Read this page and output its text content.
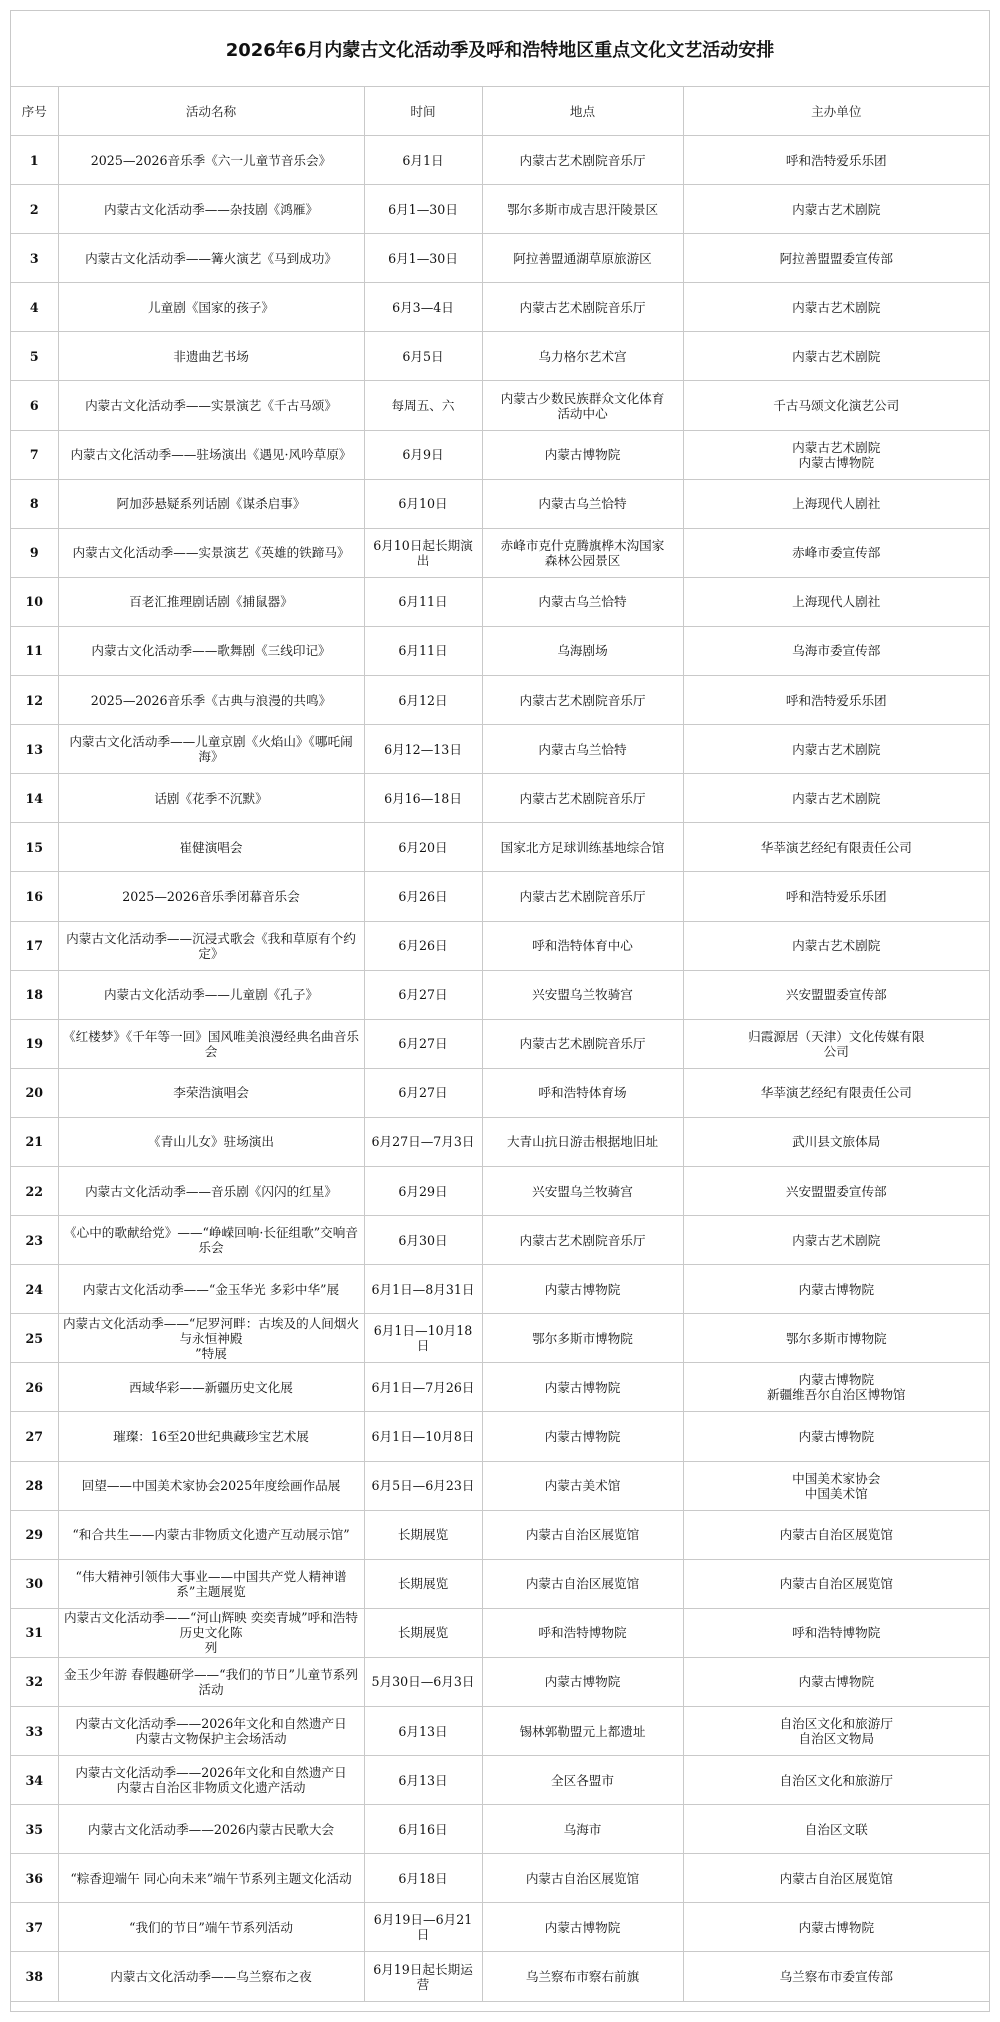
2026年6月内蒙古文化活动季及呼和浩特地区重点文化文艺活动安排
序号	活动名称	时间	地点	主办单位

1	2025—2026音乐季《六一儿童节音乐会》	6月1日	内蒙古艺术剧院音乐厅	呼和浩特爱乐乐团

2	内蒙古文化活动季——杂技剧《鸿雁》	6月1—30日	鄂尔多斯市成吉思汗陵景区	内蒙古艺术剧院

3	内蒙古文化活动季——篝火演艺《马到成功》	6月1—30日	阿拉善盟通湖草原旅游区	阿拉善盟盟委宣传部

4	儿童剧《国家的孩子》	6月3—4日	内蒙古艺术剧院音乐厅	内蒙古艺术剧院

5	非遗曲艺书场	6月5日	乌力格尔艺术宫	内蒙古艺术剧院

6	内蒙古文化活动季——实景演艺《千古马颂》	每周五、六	内蒙古少数民族群众文化体育
活动中心	千古马颂文化演艺公司

7	内蒙古文化活动季——驻场演出《遇见·风吟草原》	6月9日	内蒙古博物院	内蒙古艺术剧院
内蒙古博物院

8	阿加莎悬疑系列话剧《谋杀启事》	6月10日	内蒙古乌兰恰特	上海现代人剧社

9	内蒙古文化活动季——实景演艺《英雄的铁蹄马》	6月10日起长期演出	赤峰市克什克腾旗桦木沟国家
森林公园景区	赤峰市委宣传部

10	百老汇推理剧话剧《捕鼠器》	6月11日	内蒙古乌兰恰特	上海现代人剧社

11	内蒙古文化活动季——歌舞剧《三线印记》	6月11日	乌海剧场	乌海市委宣传部

12	2025—2026音乐季《古典与浪漫的共鸣》	6月12日	内蒙古艺术剧院音乐厅	呼和浩特爱乐乐团

13	内蒙古文化活动季——儿童京剧《火焰山》《哪吒闹海》	6月12—13日	内蒙古乌兰恰特	内蒙古艺术剧院

14	话剧《花季不沉默》	6月16—18日	内蒙古艺术剧院音乐厅	内蒙古艺术剧院

15	崔健演唱会	6月20日	国家北方足球训练基地综合馆	华莘演艺经纪有限责任公司

16	2025—2026音乐季闭幕音乐会	6月26日	内蒙古艺术剧院音乐厅	呼和浩特爱乐乐团

17	内蒙古文化活动季——沉浸式歌会《我和草原有个约定》	6月26日	呼和浩特体育中心	内蒙古艺术剧院

18	内蒙古文化活动季——儿童剧《孔子》	6月27日	兴安盟乌兰牧骑宫	兴安盟盟委宣传部

19	《红楼梦》《千年等一回》国风唯美浪漫经典名曲音乐会	6月27日	内蒙古艺术剧院音乐厅	归霞源居（天津）文化传媒有限
公司

20	李荣浩演唱会	6月27日	呼和浩特体育场	华莘演艺经纪有限责任公司

21	《青山儿女》驻场演出	6月27日—7月3日	大青山抗日游击根据地旧址	武川县文旅体局

22	内蒙古文化活动季——音乐剧《闪闪的红星》	6月29日	兴安盟乌兰牧骑宫	兴安盟盟委宣传部

23	《心中的歌献给党》——“峥嵘回响·长征组歌”交响音乐会	6月30日	内蒙古艺术剧院音乐厅	内蒙古艺术剧院

24	内蒙古文化活动季——“金玉华光 多彩中华”展	6月1日—8月31日	内蒙古博物院	内蒙古博物院

25	内蒙古文化活动季——“尼罗河畔：古埃及的人间烟火与永恒神殿
”特展	6月1日—10月18日	鄂尔多斯市博物院	鄂尔多斯市博物院

26	西域华彩——新疆历史文化展	6月1日—7月26日	内蒙古博物院	内蒙古博物院
新疆维吾尔自治区博物馆

27	璀璨：16至20世纪典藏珍宝艺术展	6月1日—10月8日	内蒙古博物院	内蒙古博物院

28	回望——中国美术家协会2025年度绘画作品展	6月5日—6月23日	内蒙古美术馆	中国美术家协会
中国美术馆

29	“和合共生——内蒙古非物质文化遗产互动展示馆”	长期展览	内蒙古自治区展览馆	内蒙古自治区展览馆

30	“伟大精神引领伟大事业——中国共产党人精神谱系”主题展览	长期展览	内蒙古自治区展览馆	内蒙古自治区展览馆

31	内蒙古文化活动季——“河山辉映 奕奕青城”呼和浩特历史文化陈
列	长期展览	呼和浩特博物院	呼和浩特博物院

32	金玉少年游 春假趣研学——“我们的节日”儿童节系列活动	5月30日—6月3日	内蒙古博物院	内蒙古博物院

33	内蒙古文化活动季——2026年文化和自然遗产日
内蒙古文物保护主会场活动	6月13日	锡林郭勒盟元上都遗址	自治区文化和旅游厅
自治区文物局

34	内蒙古文化活动季——2026年文化和自然遗产日
内蒙古自治区非物质文化遗产活动	6月13日	全区各盟市	自治区文化和旅游厅

35	内蒙古文化活动季——2026内蒙古民歌大会	6月16日	乌海市	自治区文联

36	“粽香迎端午 同心向未来”端午节系列主题文化活动	6月18日	内蒙古自治区展览馆	内蒙古自治区展览馆

37	“我们的节日”端午节系列活动	6月19日—6月21日	内蒙古博物院	内蒙古博物院

38	内蒙古文化活动季——乌兰察布之夜	6月19日起长期运营	乌兰察布市察右前旗	乌兰察布市委宣传部
